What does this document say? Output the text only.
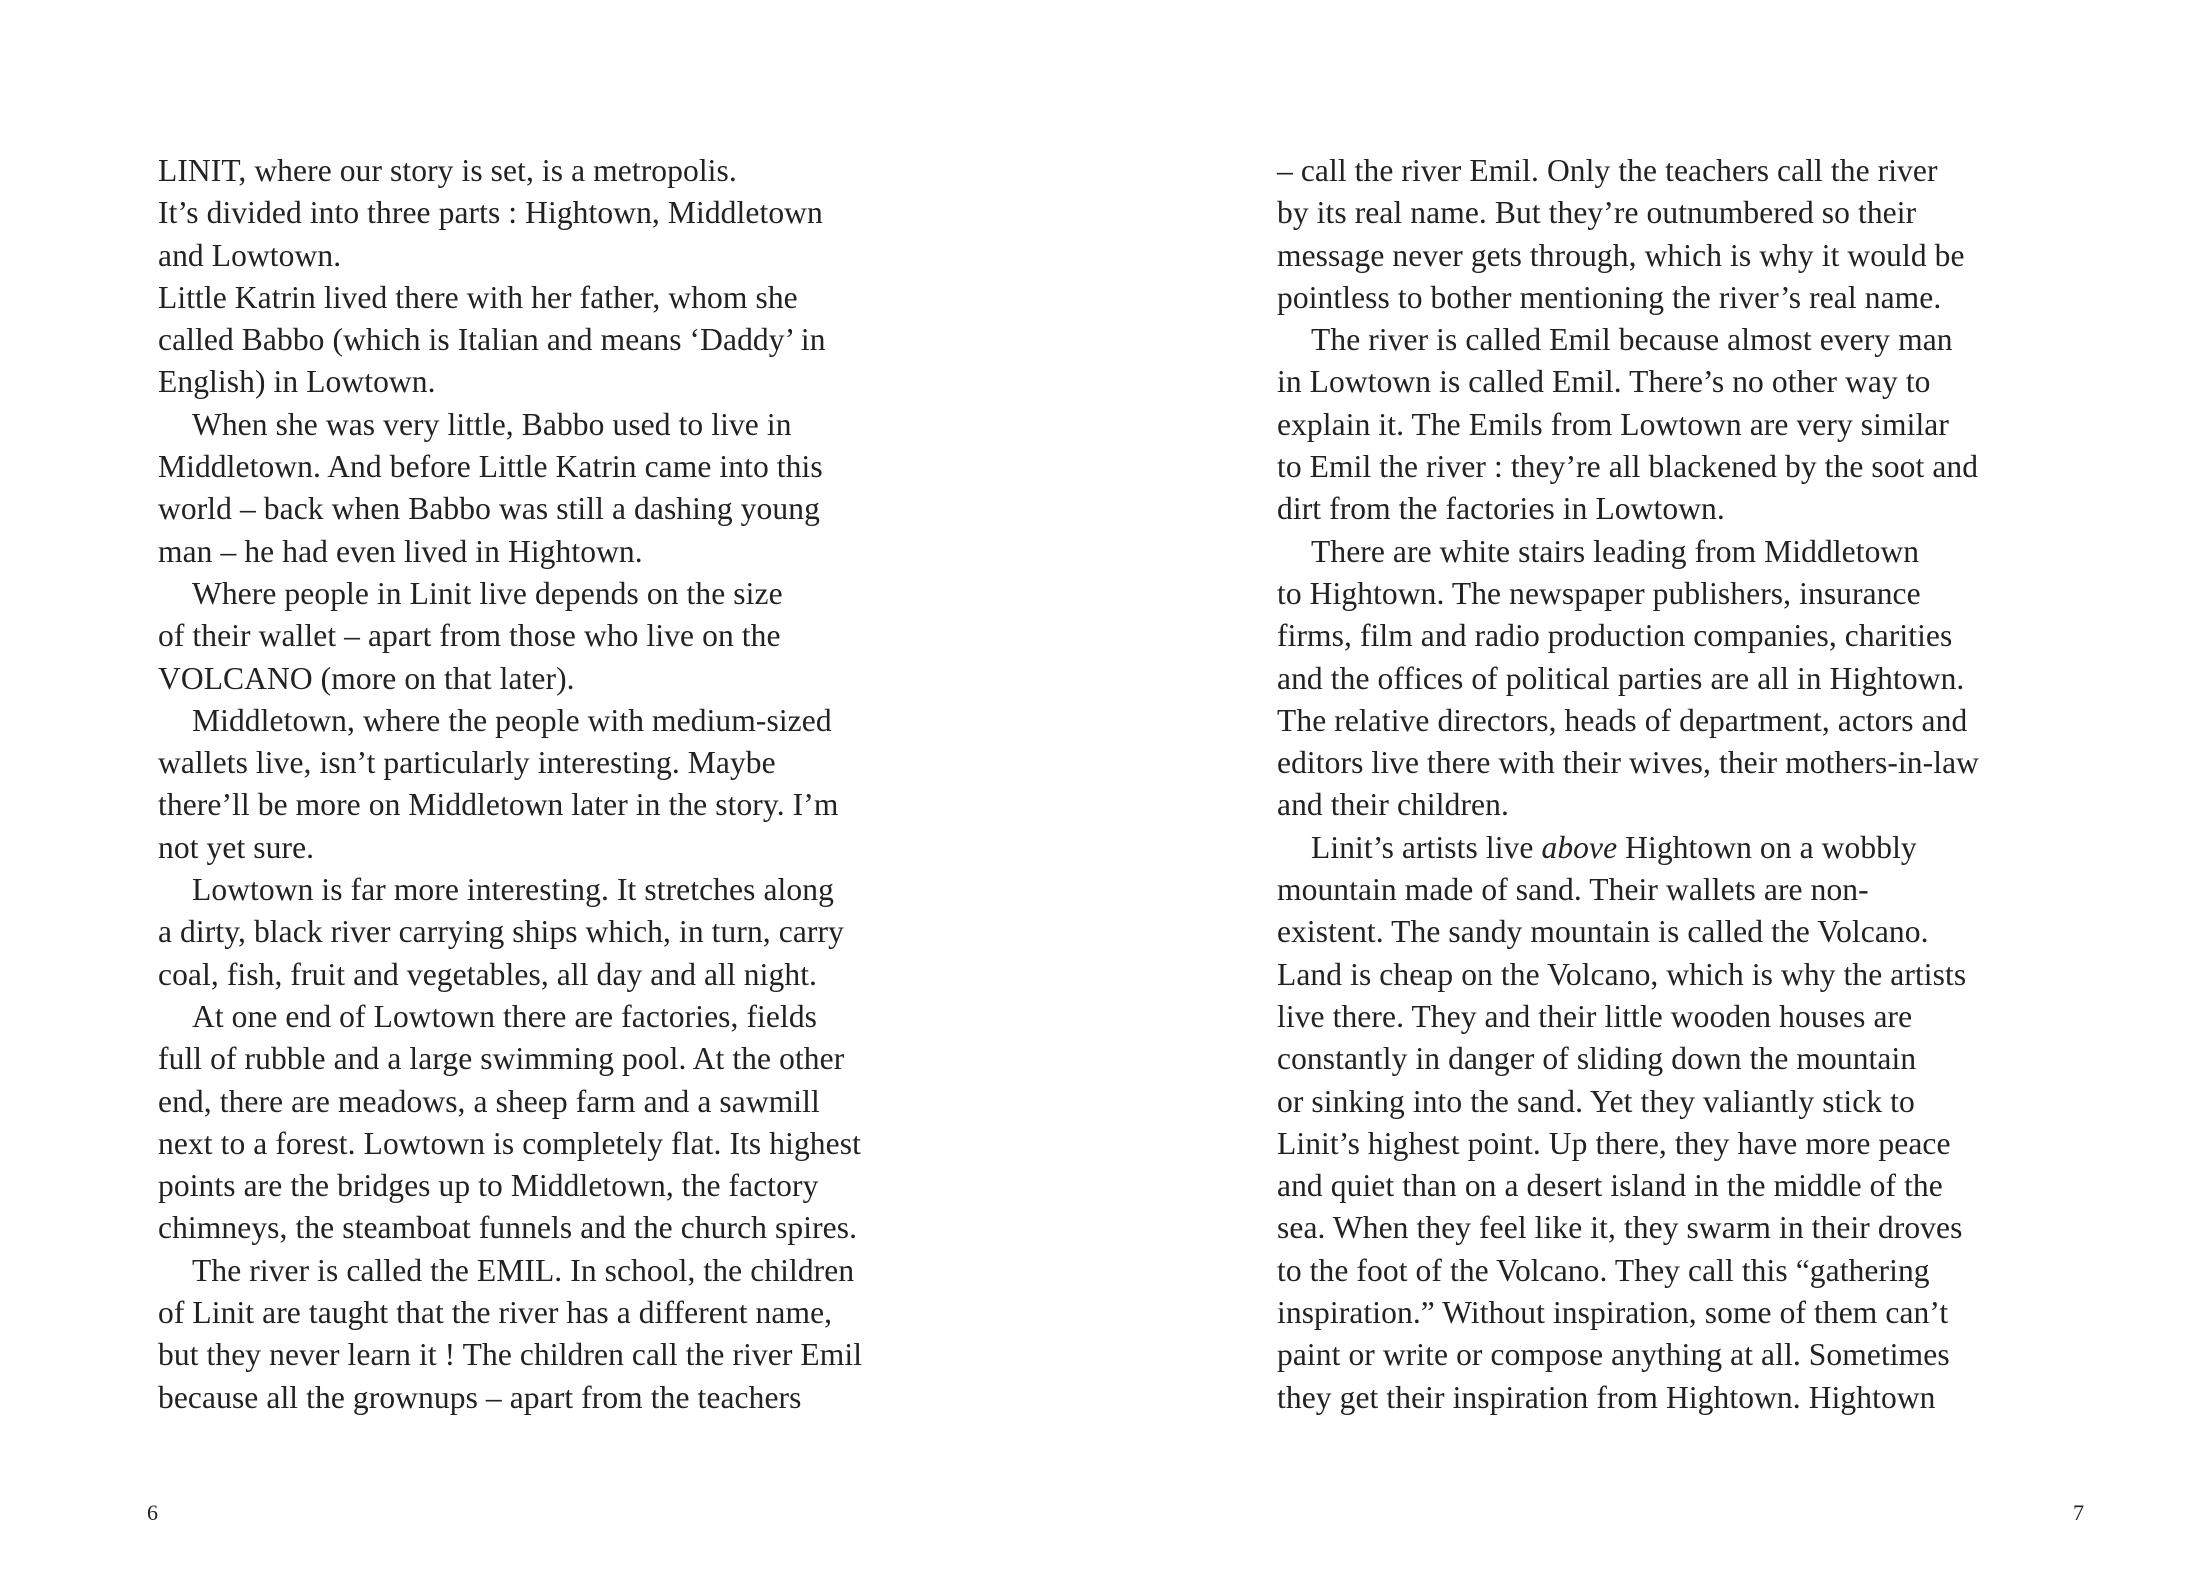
LINIT, where our story is set, is a metropolis.
It’s divided into three parts : Hightown, Middletown
and Lowtown.
Little Katrin lived there with her father, whom she
called Babbo (which is Italian and means ‘Daddy’ in
English) in Lowtown.
When she was very little, Babbo used to live in
Middletown. And before Little Katrin came into this
world – back when Babbo was still a dashing young
man – he had even lived in Hightown.
Where people in Linit live depends on the size
of their wallet – apart from those who live on the
VOLCANO (more on that later).
Middletown, where the people with medium-sized
wallets live, isn’t particularly interesting. Maybe
there’ll be more on Middletown later in the story. I’m
not yet sure.
Lowtown is far more interesting. It stretches along
a dirty, black river carrying ships which, in turn, carry
coal, fish, fruit and vegetables, all day and all night.
At one end of Lowtown there are factories, fields
full of rubble and a large swimming pool. At the other
end, there are meadows, a sheep farm and a sawmill
next to a forest. Lowtown is completely flat. Its highest
points are the bridges up to Middletown, the factory
chimneys, the steamboat funnels and the church spires.
The river is called the EMIL. In school, the children
of Linit are taught that the river has a different name,
but they never learn it ! The children call the river Emil
because all the grownups – apart from the teachers
6
– call the river Emil. Only the teachers call the river
by its real name. But they’re outnumbered so their
message never gets through, which is why it would be
pointless to bother mentioning the river’s real name.
The river is called Emil because almost every man
in Lowtown is called Emil. There’s no other way to
explain it. The Emils from Lowtown are very similar
to Emil the river : they’re all blackened by the soot and
dirt from the factories in Lowtown.
There are white stairs leading from Middletown
to Hightown. The newspaper publishers, insurance
firms, film and radio production companies, charities
and the offices of political parties are all in Hightown.
The relative directors, heads of department, actors and
editors live there with their wives, their mothers-in-law
and their children.
Linit’s artists live above Hightown on a wobbly
mountain made of sand. Their wallets are non-
existent. The sandy mountain is called the Volcano.
Land is cheap on the Volcano, which is why the artists
live there. They and their little wooden houses are
constantly in danger of sliding down the mountain
or sinking into the sand. Yet they valiantly stick to
Linit’s highest point. Up there, they have more peace
and quiet than on a desert island in the middle of the
sea. When they feel like it, they swarm in their droves
to the foot of the Volcano. They call this “gathering
inspiration.” Without inspiration, some of them can’t
paint or write or compose anything at all. Sometimes
they get their inspiration from Hightown. Hightown
7
